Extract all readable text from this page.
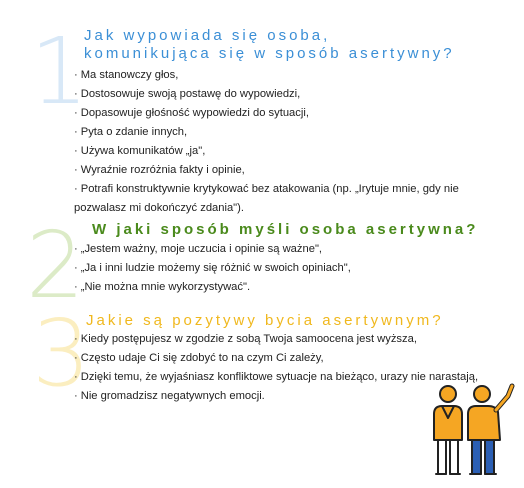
1
Jak wypowiada się osoba,
komunikująca się w sposób asertywny?
· Ma stanowczy głos,
· Dostosowuje swoją postawę do wypowiedzi,
· Dopasowuje głośność wypowiedzi do sytuacji,
· Pyta o zdanie innych,
· Używa komunikatów „ja",
· Wyraźnie rozróżnia fakty i opinie,
· Potrafi konstruktywnie krytykować bez atakowania (np. „Irytuje mnie, gdy nie pozwalasz mi dokończyć zdania").
2 W jaki sposób myśli osoba asertywna?
· „Jestem ważny, moje uczucia i opinie są ważne",
· „Ja i inni ludzie możemy się różnić w swoich opiniach",
· „Nie można mnie wykorzystywać".
3
Jakie są pozytywy bycia asertywnym?
· Kiedy postępujesz w zgodzie z sobą Twoja samoocena jest wyższa,
· Często udaje Ci się zdobyć to na czym Ci zależy,
· Dzięki temu, że wyjaśniasz konfliktowe sytuacje na bieżąco, urazy nie narastają,
· Nie gromadzisz negatywnych emocji.
